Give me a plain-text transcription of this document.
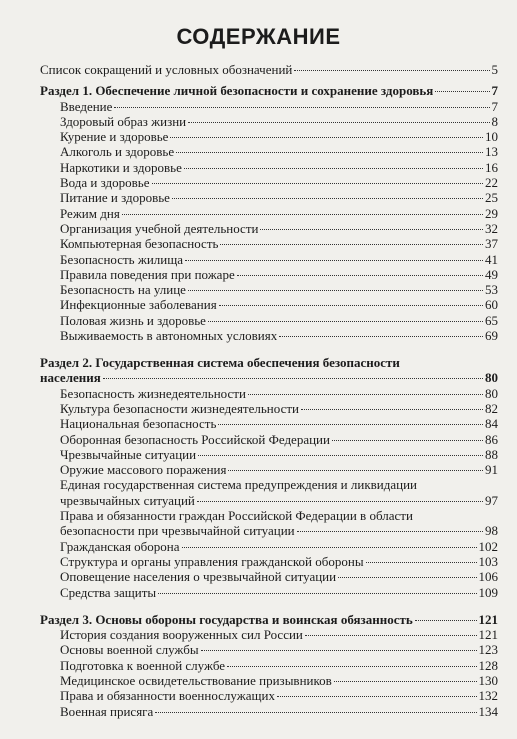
СОДЕРЖАНИЕ
Список сокращений и условных обозначений	5
Раздел 1. Обеспечение личной безопасности и сохранение здоровья	7
Введение	7
Здоровый образ жизни	8
Курение и здоровье	10
Алкоголь и здоровье	13
Наркотики и здоровье	16
Вода и здоровье	22
Питание и здоровье	25
Режим дня	29
Организация учебной деятельности	32
Компьютерная безопасность	37
Безопасность жилища	41
Правила поведения при пожаре	49
Безопасность на улице	53
Инфекционные заболевания	60
Половая жизнь и здоровье	65
Выживаемость в автономных условиях	69
Раздел 2. Государственная система обеспечения безопасности
населения	80
Безопасность жизнедеятельности	80
Культура безопасности жизнедеятельности	82
Национальная безопасность	84
Оборонная безопасность Российской Федерации	86
Чрезвычайные ситуации	88
Оружие массового поражения	91
Единая государственная система предупреждения и ликвидации
чрезвычайных ситуаций	97
Права и обязанности граждан Российской Федерации в области
безопасности при чрезвычайной ситуации	98
Гражданская оборона	102
Структура и органы управления гражданской обороны	103
Оповещение населения о чрезвычайной ситуации	106
Средства защиты	109
Раздел 3. Основы обороны государства и воинская обязанность	121
История создания вооруженных сил России	121
Основы военной службы	123
Подготовка к военной службе	128
Медицинское освидетельствование призывников	130
Права и обязанности военнослужащих	132
Военная присяга	134
